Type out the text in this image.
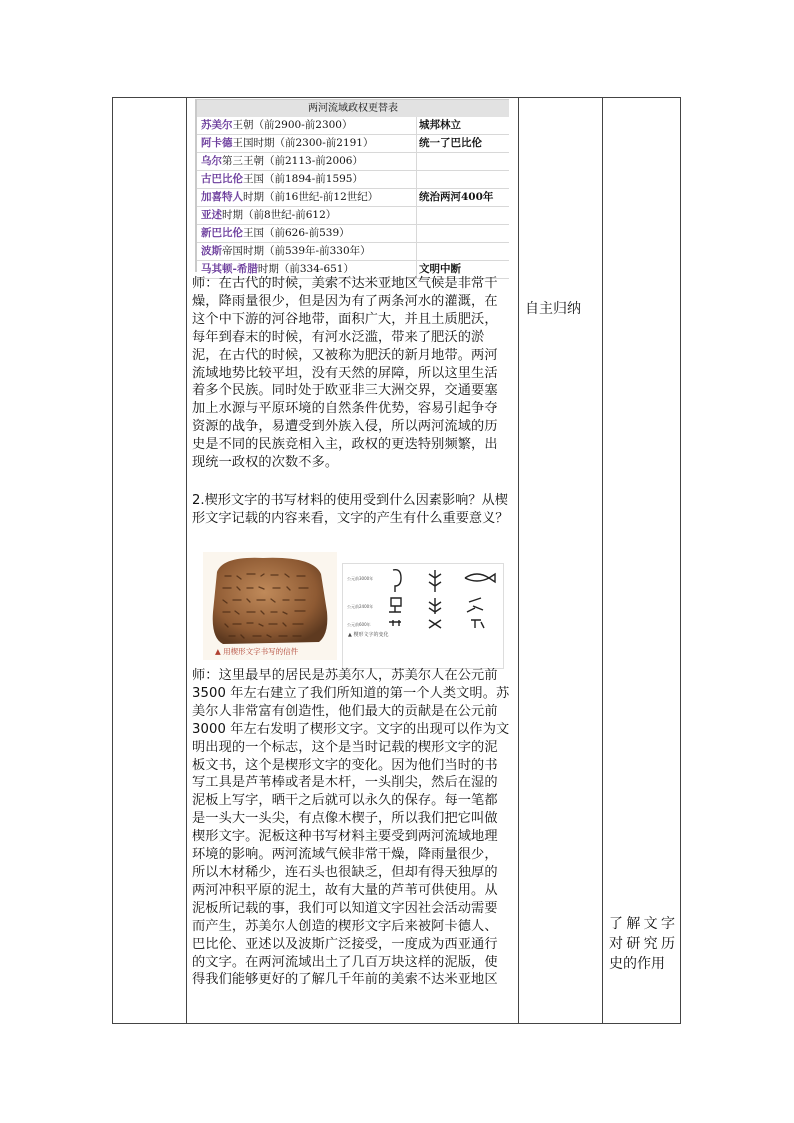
两河流域政权更替表
苏美尔王朝（前2900-前2300）	城邦林立
阿卡德王国时期（前2300-前2191）	统一了巴比伦
乌尔第三王朝（前2113-前2006）
古巴比伦王国（前1894-前1595）
加喜特人时期（前16世纪-前12世纪）	统治两河400年
亚述时期（前8世纪-前612）
新巴比伦王国（前626-前539）
波斯帝国时期（前539年-前330年）
马其顿-希腊时期（前334-651）	文明中断

师：在古代的时候，美索不达米亚地区气候是非常干燥，降雨量很少，但是因为有了两条河水的灌溉，在这个中下游的河谷地带，面积广大，并且土质肥沃，每年到春末的时候，有河水泛滥，带来了肥沃的淤泥，在古代的时候，又被称为肥沃的新月地带。两河流域地势比较平坦，没有天然的屏障，所以这里生活着多个民族。同时处于欧亚非三大洲交界，交通要塞加上水源与平原环境的自然条件优势，容易引起争夺资源的战争，易遭受到外族入侵，所以两河流域的历史是不同的民族竞相入主，政权的更迭特别频繁，出现统一政权的次数不多。

2.楔形文字的书写材料的使用受到什么因素影响？从楔形文字记载的内容来看，文字的产生有什么重要意义？

▲ 用楔形文字书写的信件
公元前3000年
公元前2400年
公元前600年
▲ 楔形文字的变化

师：这里最早的居民是苏美尔人，苏美尔人在公元前 3500 年左右建立了我们所知道的第一个人类文明。苏美尔人非常富有创造性，他们最大的贡献是在公元前 3000 年左右发明了楔形文字。文字的出现可以作为文明出现的一个标志，这个是当时记载的楔形文字的泥板文书，这个是楔形文字的变化。因为他们当时的书写工具是芦苇棒或者是木杆，一头削尖，然后在湿的泥板上写字，晒干之后就可以永久的保存。每一笔都是一头大一头尖，有点像木楔子，所以我们把它叫做楔形文字。泥板这种书写材料主要受到两河流域地理环境的影响。两河流域气候非常干燥，降雨量很少，所以木材稀少，连石头也很缺乏，但却有得天独厚的两河冲积平原的泥土，故有大量的芦苇可供使用。从泥板所记载的事，我们可以知道文字因社会活动需要而产生，苏美尔人创造的楔形文字后来被阿卡德人、巴比伦、亚述以及波斯广泛接受，一度成为西亚通行的文字。在两河流域出土了几百万块这样的泥版，使得我们能够更好的了解几千年前的美索不达米亚地区

自主归纳
了解文字对研究历史的作用
